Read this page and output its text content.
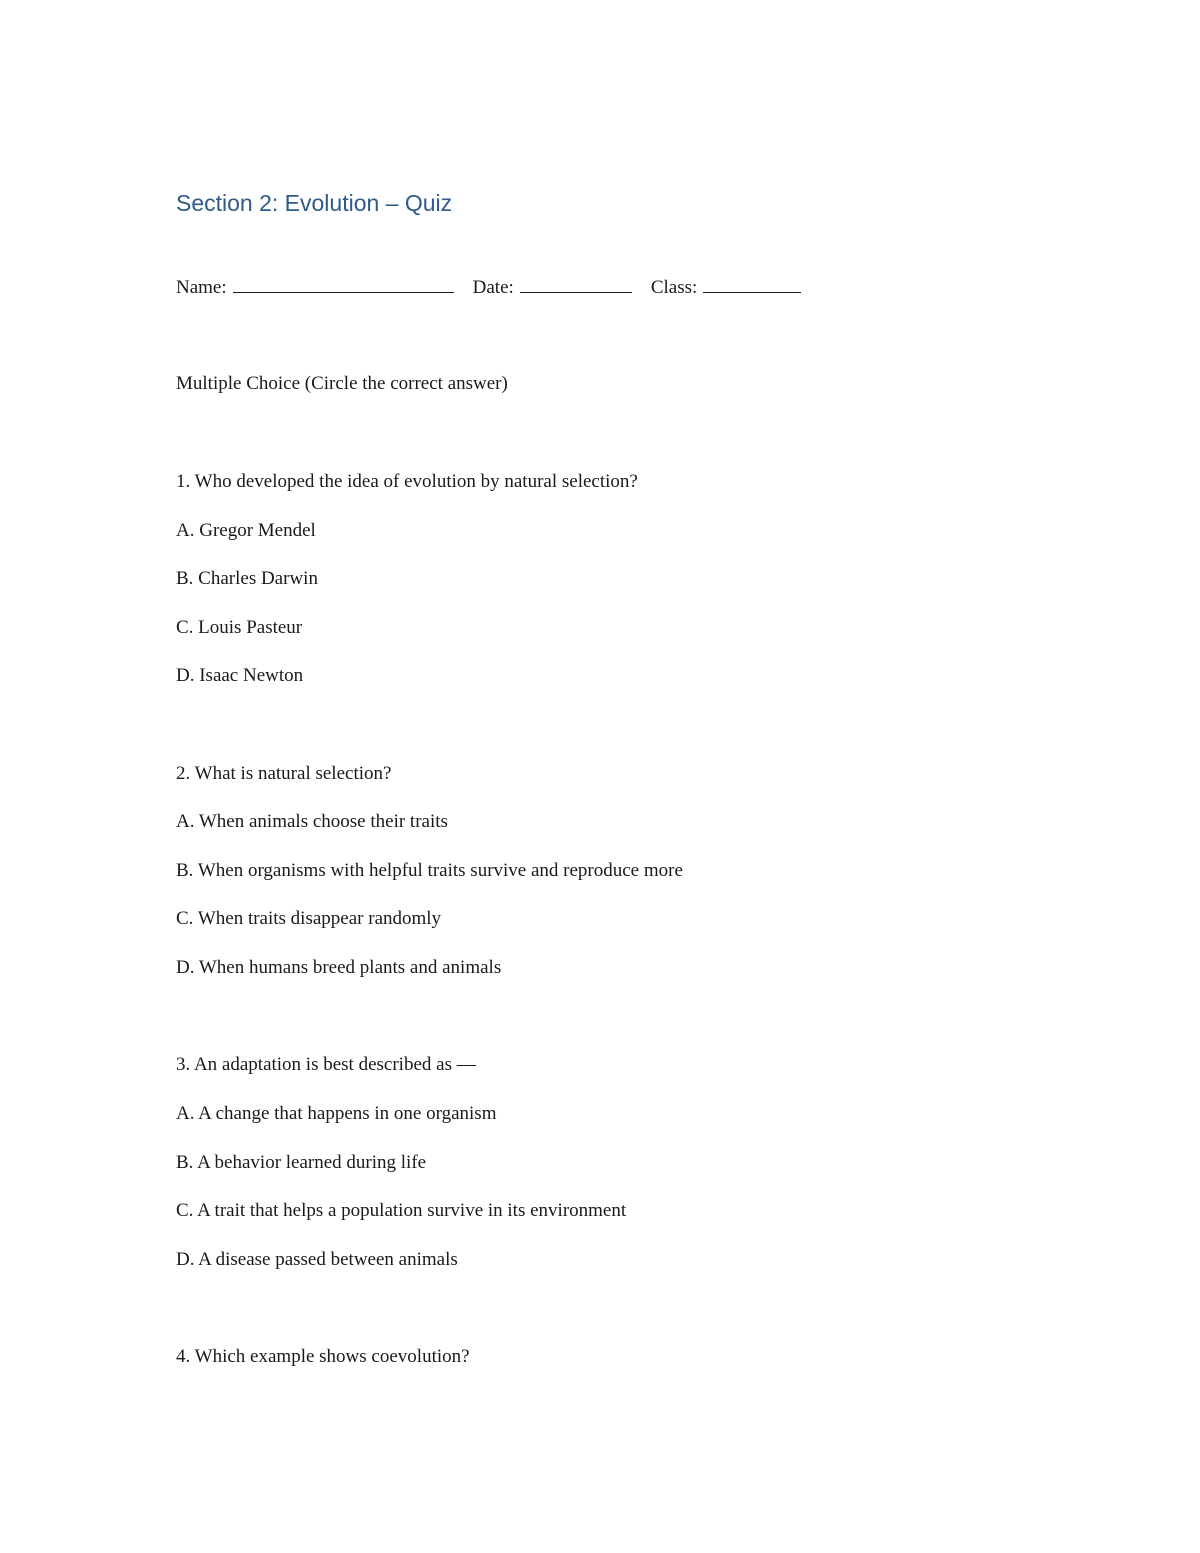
Section 2: Evolution – Quiz
Name:	Date:	Class:
Multiple Choice (Circle the correct answer)
1. Who developed the idea of evolution by natural selection?
A. Gregor Mendel
B. Charles Darwin
C. Louis Pasteur
D. Isaac Newton
2. What is natural selection?
A. When animals choose their traits
B. When organisms with helpful traits survive and reproduce more
C. When traits disappear randomly
D. When humans breed plants and animals
3. An adaptation is best described as —
A. A change that happens in one organism
B. A behavior learned during life
C. A trait that helps a population survive in its environment
D. A disease passed between animals
4. Which example shows coevolution?
